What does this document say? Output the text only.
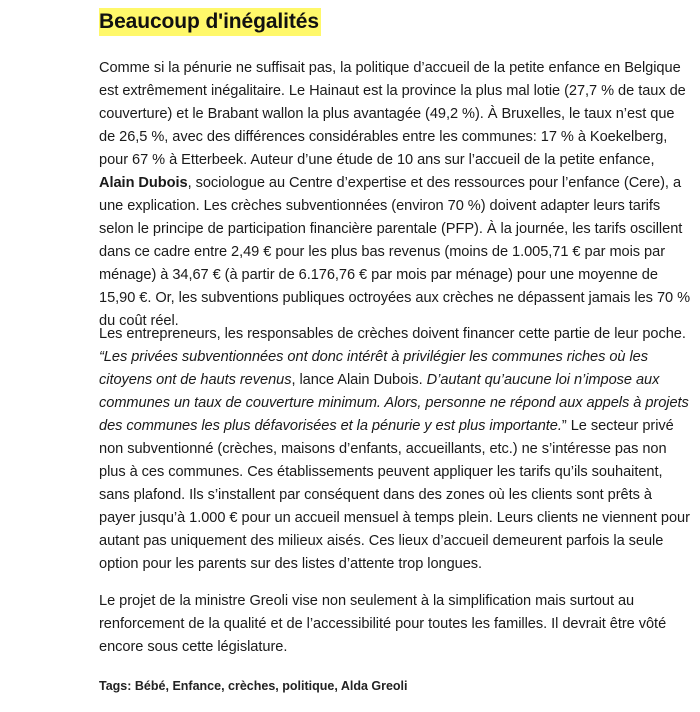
Beaucoup d'inégalités

Comme si la pénurie ne suffisait pas, la politique d’accueil de la petite enfance en Belgique est extrêmement inégalitaire. Le Hainaut est la province la plus mal lotie (27,7 % de taux de couverture) et le Brabant wallon la plus avantagée (49,2 %). À Bruxelles, le taux n’est que de 26,5 %, avec des différences considérables entre les communes: 17 % à Koekelberg, pour 67 % à Etterbeek. Auteur d’une étude de 10 ans sur l’accueil de la petite enfance, Alain Dubois, sociologue au Centre d’expertise et des ressources pour l’enfance (Cere), a une explication. Les crèches subventionnées (environ 70 %) doivent adapter leurs tarifs selon le principe de participation financière parentale (PFP). À la journée, les tarifs oscillent dans ce cadre entre 2,49 € pour les plus bas revenus (moins de 1.005,71 € par mois par ménage) à 34,67 € (à partir de 6.176,76 € par mois par ménage) pour une moyenne de 15,90 €. Or, les subventions publiques octroyées aux crèches ne dépassent jamais les 70 % du coût réel.

Les entrepreneurs, les responsables de crèches doivent financer cette partie de leur poche. “Les privées subventionnées ont donc intérêt à privilégier les communes riches où les citoyens ont de hauts revenus, lance Alain Dubois. D’autant qu’aucune loi n’impose aux communes un taux de couverture minimum. Alors, personne ne répond aux appels à projets des communes les plus défavorisées et la pénurie y est plus importante.” Le secteur privé non subventionné (crèches, maisons d’enfants, accueillants, etc.) ne s’intéresse pas non plus à ces communes. Ces établissements peuvent appliquer les tarifs qu’ils souhaitent, sans plafond. Ils s’installent par conséquent dans des zones où les clients sont prêts à payer jusqu’à 1.000 € pour un accueil mensuel à temps plein. Leurs clients ne viennent pour autant pas uniquement des milieux aisés. Ces lieux d’accueil demeurent parfois la seule option pour les parents sur des listes d’attente trop longues.

Le projet de la ministre Greoli vise non seulement à la simplification mais surtout au renforcement de la qualité et de l’accessibilité pour toutes les familles. Il devrait être vôté encore sous cette législature.

Tags: Bébé, Enfance, crèches, politique, Alda Greoli
